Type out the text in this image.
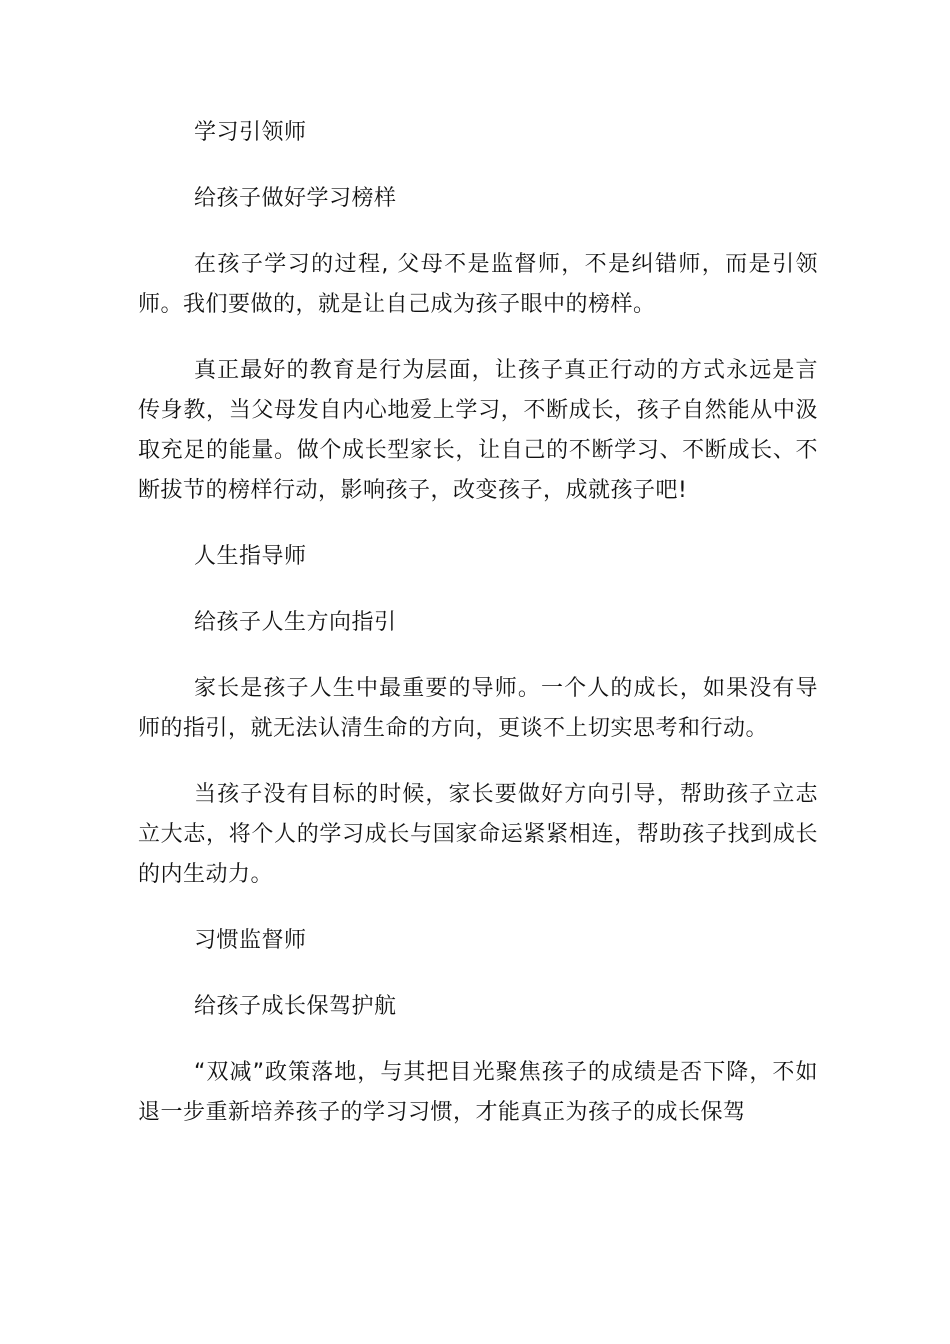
学习引领师

给孩子做好学习榜样

在孩子学习的过程, 父母不是监督师，不是纠错师，而是引领师。我们要做的，就是让自己成为孩子眼中的榜样。

真正最好的教育是行为层面，让孩子真正行动的方式永远是言传身教，当父母发自内心地爱上学习，不断成长，孩子自然能从中汲取充足的能量。做个成长型家长，让自己的不断学习、不断成长、不断拔节的榜样行动，影响孩子，改变孩子，成就孩子吧!

人生指导师

给孩子人生方向指引

家长是孩子人生中最重要的导师。一个人的成长，如果没有导师的指引，就无法认清生命的方向，更谈不上切实思考和行动。

当孩子没有目标的时候，家长要做好方向引导，帮助孩子立志立大志，将个人的学习成长与国家命运紧紧相连，帮助孩子找到成长的内生动力。

习惯监督师

给孩子成长保驾护航

“双减”政策落地，与其把目光聚焦孩子的成绩是否下降，不如退一步重新培养孩子的学习习惯，才能真正为孩子的成长保驾
